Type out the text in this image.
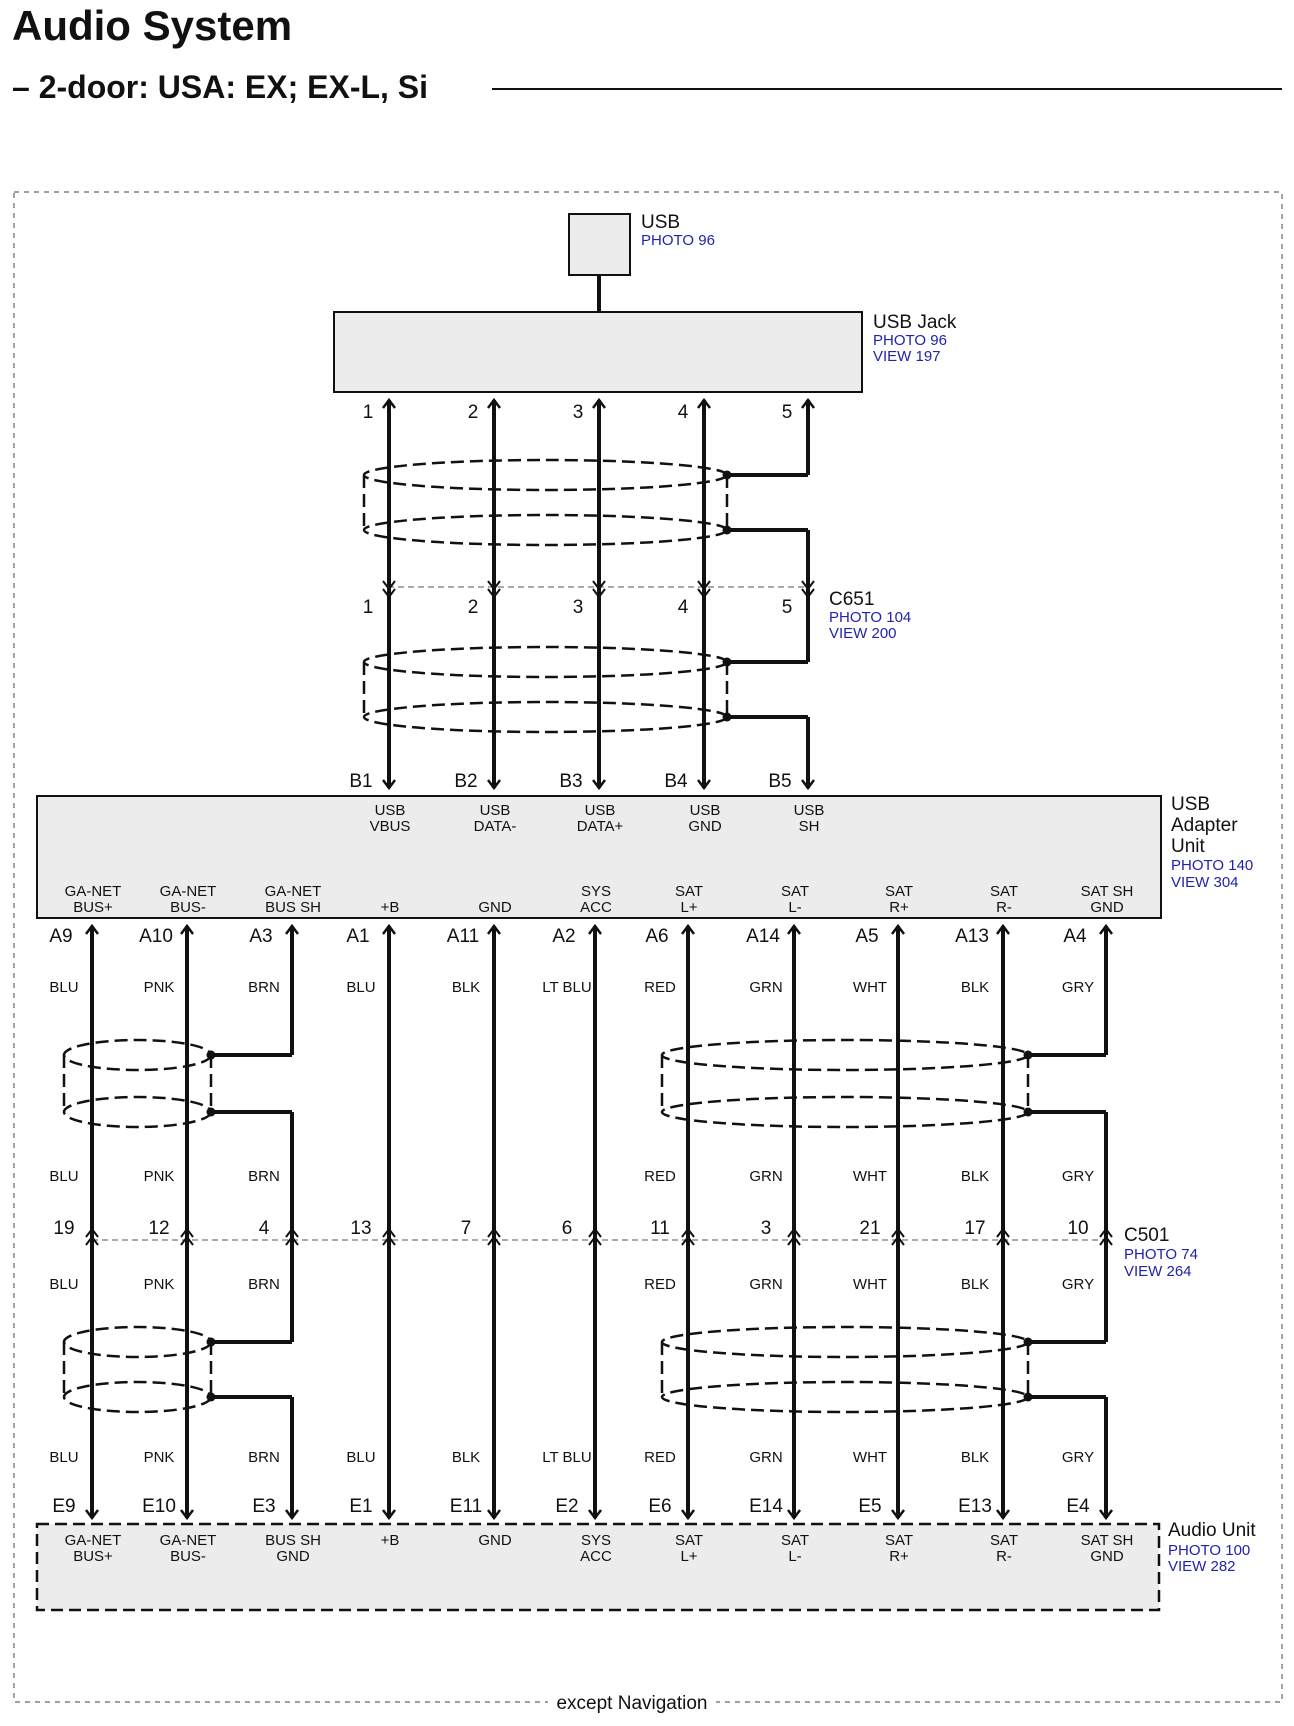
Audio System
– 2-door: USA: EX; EX-L, Si
USB
PHOTO 96
USB Jack
PHOTO 96
VIEW 197
C651
PHOTO 104
VIEW 200
USB
Adapter
Unit
PHOTO 140
VIEW 304
C501
PHOTO 74
VIEW 264
Audio Unit
PHOTO 100
VIEW 282
except Navigation
1
1
B1
USB
VBUS
2
2
B2
USB
DATA-
3
3
B3
USB
DATA+
4
4
B4
USB
GND
5
5
B5
USB
SH
GA-NET
BUS+
A9
BLU
BLU
BLU
BLU
19
E9
GA-NET
BUS+
GA-NET
BUS-
A10
PNK
PNK
PNK
PNK
12
E10
GA-NET
BUS-
GA-NET
BUS SH
A3
BRN
BRN
BRN
BRN
4
E3
BUS SH
GND
+B
A1
BLU
BLU
13
E1
+B
GND
A11
BLK
BLK
7
E11
GND
SYS
ACC
A2
LT BLU
LT BLU
6
E2
SYS
ACC
SAT
L+
A6
RED
RED
RED
RED
11
E6
SAT
L+
SAT
L-
A14
GRN
GRN
GRN
GRN
3
E14
SAT
L-
SAT
R+
A5
WHT
WHT
WHT
WHT
21
E5
SAT
R+
SAT
R-
A13
BLK
BLK
BLK
BLK
17
E13
SAT
R-
SAT SH
GND
A4
GRY
GRY
GRY
GRY
10
E4
SAT SH
GND
